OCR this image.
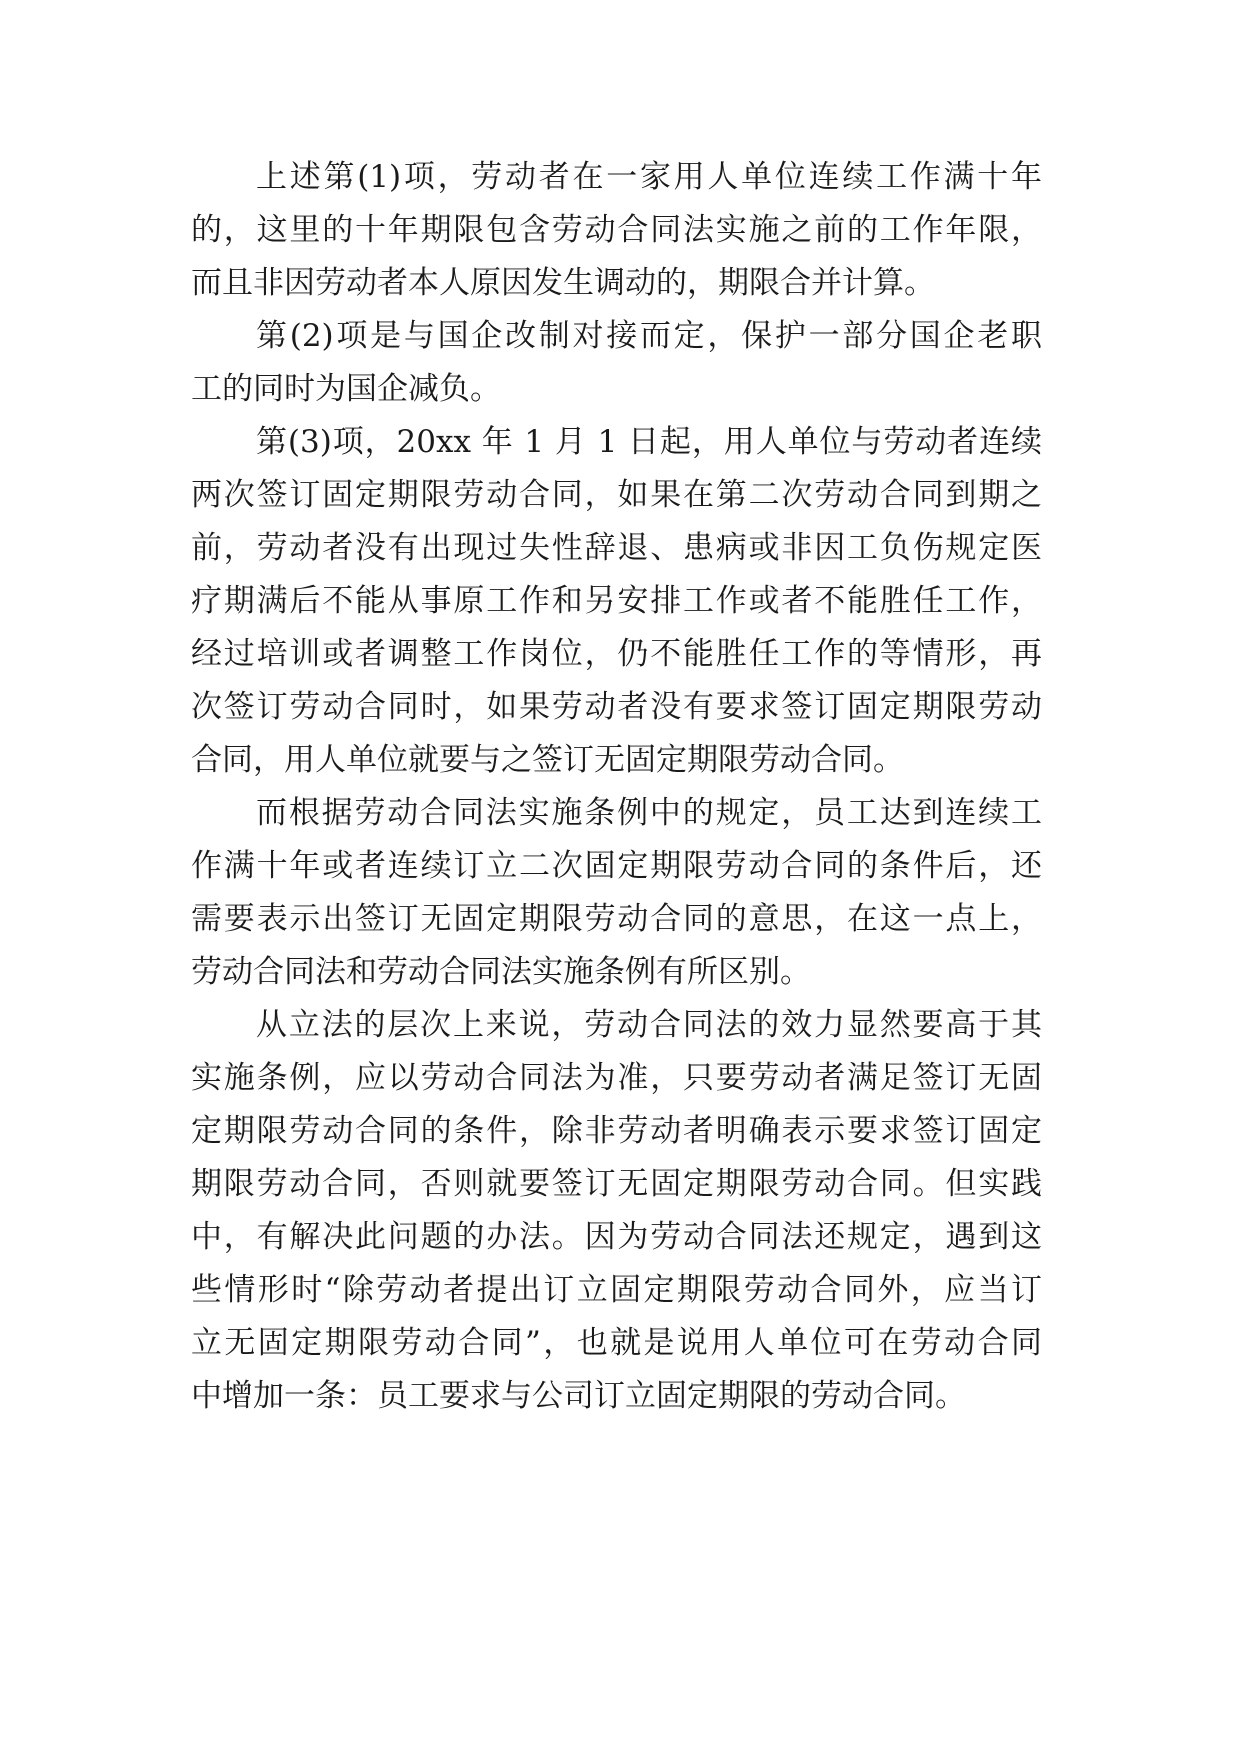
上述第(1)项，劳动者在一家用人单位连续工作满十年
的，这里的十年期限包含劳动合同法实施之前的工作年限，
而且非因劳动者本人原因发生调动的，期限合并计算。
第(2)项是与国企改制对接而定，保护一部分国企老职
工的同时为国企减负。
第(3)项，20xx 年 1 月 1 日起，用人单位与劳动者连续
两次签订固定期限劳动合同，如果在第二次劳动合同到期之
前，劳动者没有出现过失性辞退、患病或非因工负伤规定医
疗期满后不能从事原工作和另安排工作或者不能胜任工作，
经过培训或者调整工作岗位，仍不能胜任工作的等情形，再
次签订劳动合同时，如果劳动者没有要求签订固定期限劳动
合同，用人单位就要与之签订无固定期限劳动合同。
而根据劳动合同法实施条例中的规定，员工达到连续工
作满十年或者连续订立二次固定期限劳动合同的条件后，还
需要表示出签订无固定期限劳动合同的意思，在这一点上，
劳动合同法和劳动合同法实施条例有所区别。
从立法的层次上来说，劳动合同法的效力显然要高于其
实施条例，应以劳动合同法为准，只要劳动者满足签订无固
定期限劳动合同的条件，除非劳动者明确表示要求签订固定
期限劳动合同，否则就要签订无固定期限劳动合同。但实践
中，有解决此问题的办法。因为劳动合同法还规定，遇到这
些情形时“除劳动者提出订立固定期限劳动合同外，应当订
立无固定期限劳动合同”，也就是说用人单位可在劳动合同
中增加一条：员工要求与公司订立固定期限的劳动合同。
